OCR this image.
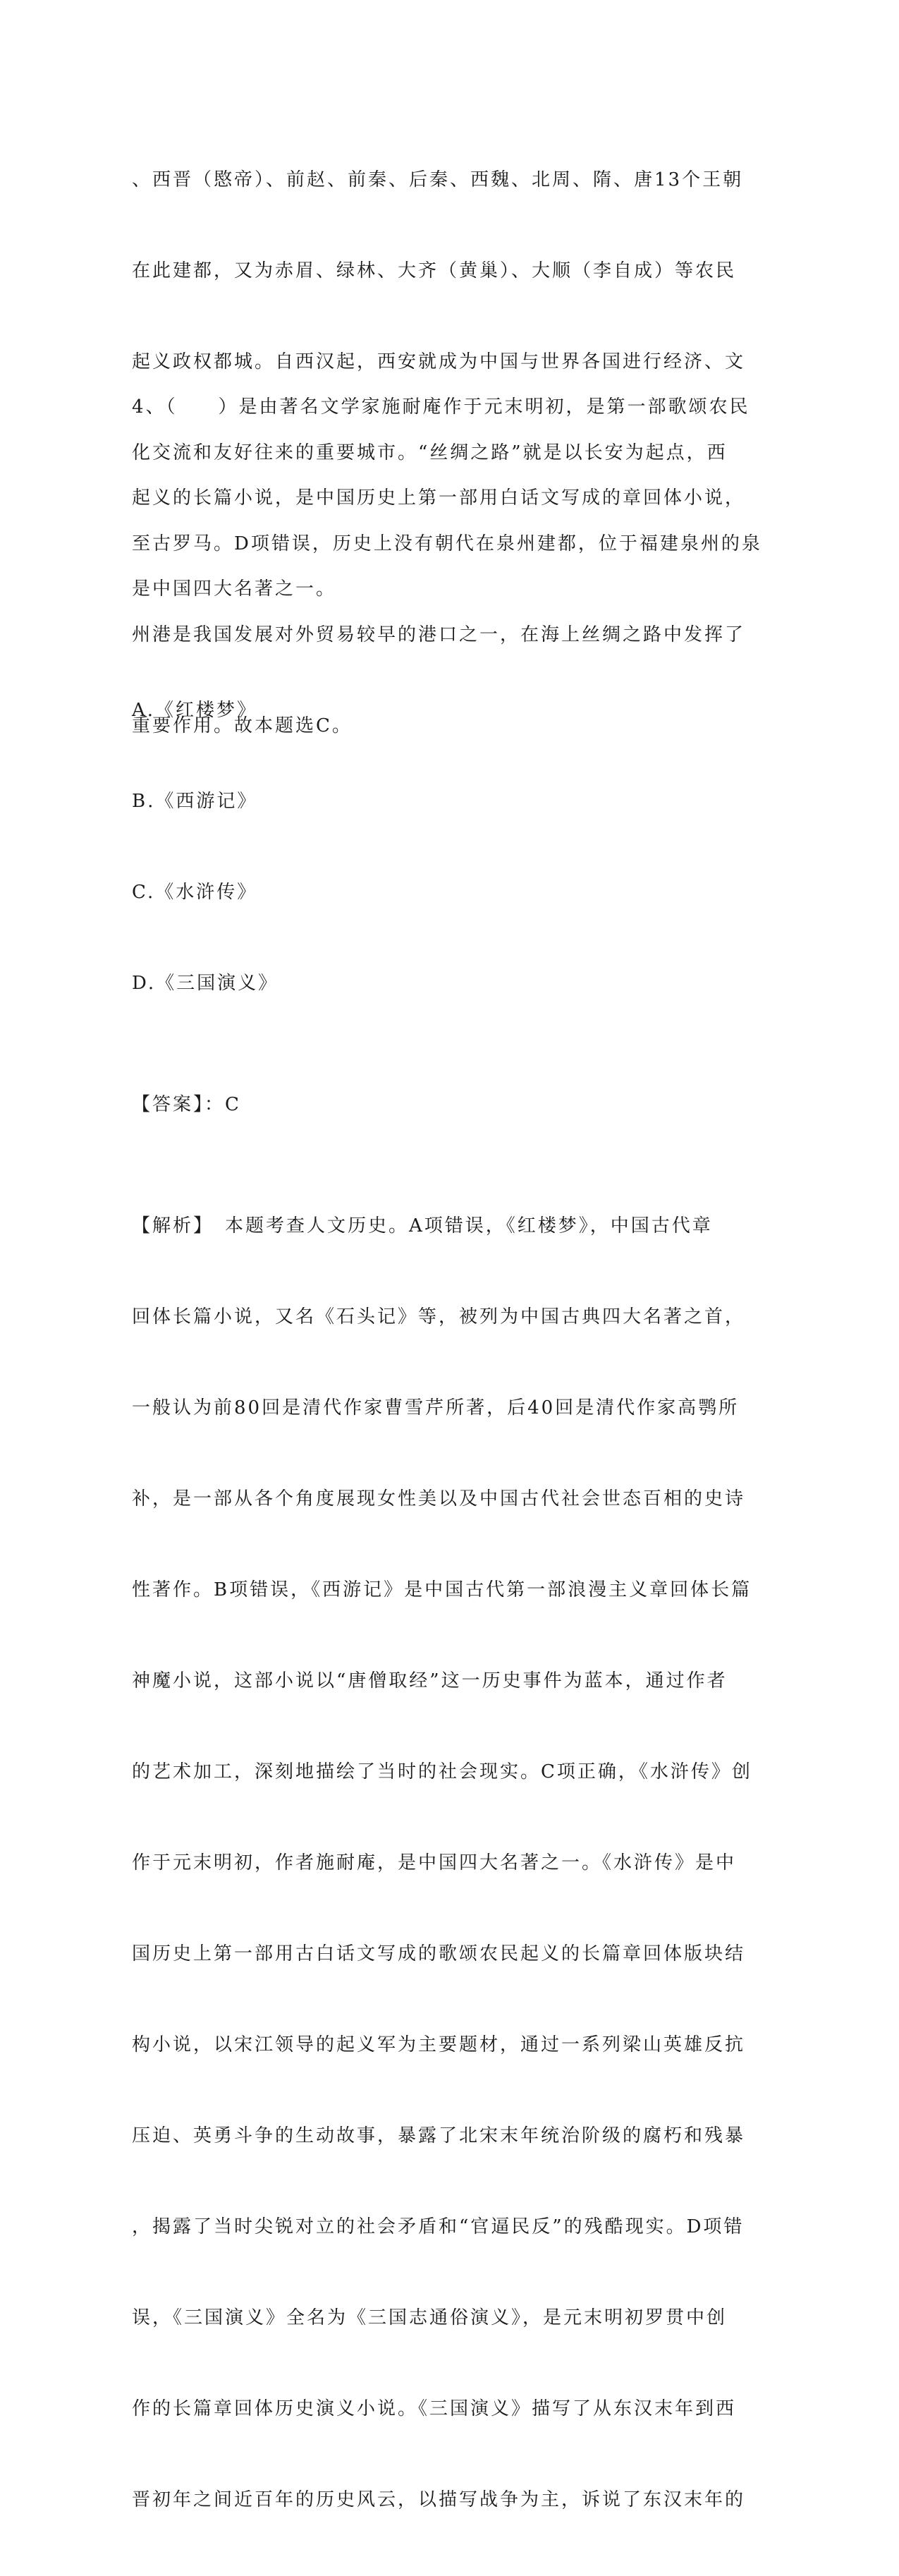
、西晋（愍帝）、前赵、前秦、后秦、西魏、北周、隋、唐13个王朝

在此建都，又为赤眉、绿林、大齐（黄巢）、大顺（李自成）等农民

起义政权都城。自西汉起，西安就成为中国与世界各国进行经济、文

化交流和友好往来的重要城市。“丝绸之路”就是以长安为起点，西

至古罗马。D项错误，历史上没有朝代在泉州建都，位于福建泉州的泉

州港是我国发展对外贸易较早的港口之一，在海上丝绸之路中发挥了

重要作用。故本题选C。

4、（　　）是由著名文学家施耐庵作于元末明初，是第一部歌颂农民

起义的长篇小说，是中国历史上第一部用白话文写成的章回体小说，

是中国四大名著之一。

A.《红楼梦》

B.《西游记》

C.《水浒传》

D.《三国演义》

【答案】：C

【解析】　本题考查人文历史。A项错误，《红楼梦》，中国古代章

回体长篇小说，又名《石头记》等，被列为中国古典四大名著之首，

一般认为前80回是清代作家曹雪芹所著，后40回是清代作家高鹗所

补，是一部从各个角度展现女性美以及中国古代社会世态百相的史诗

性著作。B项错误，《西游记》是中国古代第一部浪漫主义章回体长篇

神魔小说，这部小说以“唐僧取经”这一历史事件为蓝本，通过作者

的艺术加工，深刻地描绘了当时的社会现实。C项正确，《水浒传》创

作于元末明初，作者施耐庵，是中国四大名著之一。《水浒传》是中

国历史上第一部用古白话文写成的歌颂农民起义的长篇章回体版块结

构小说，以宋江领导的起义军为主要题材，通过一系列梁山英雄反抗

压迫、英勇斗争的生动故事，暴露了北宋末年统治阶级的腐朽和残暴

，揭露了当时尖锐对立的社会矛盾和“官逼民反”的残酷现实。D项错

误，《三国演义》全名为《三国志通俗演义》，是元末明初罗贯中创

作的长篇章回体历史演义小说。《三国演义》描写了从东汉末年到西

晋初年之间近百年的历史风云，以描写战争为主，诉说了东汉末年的
